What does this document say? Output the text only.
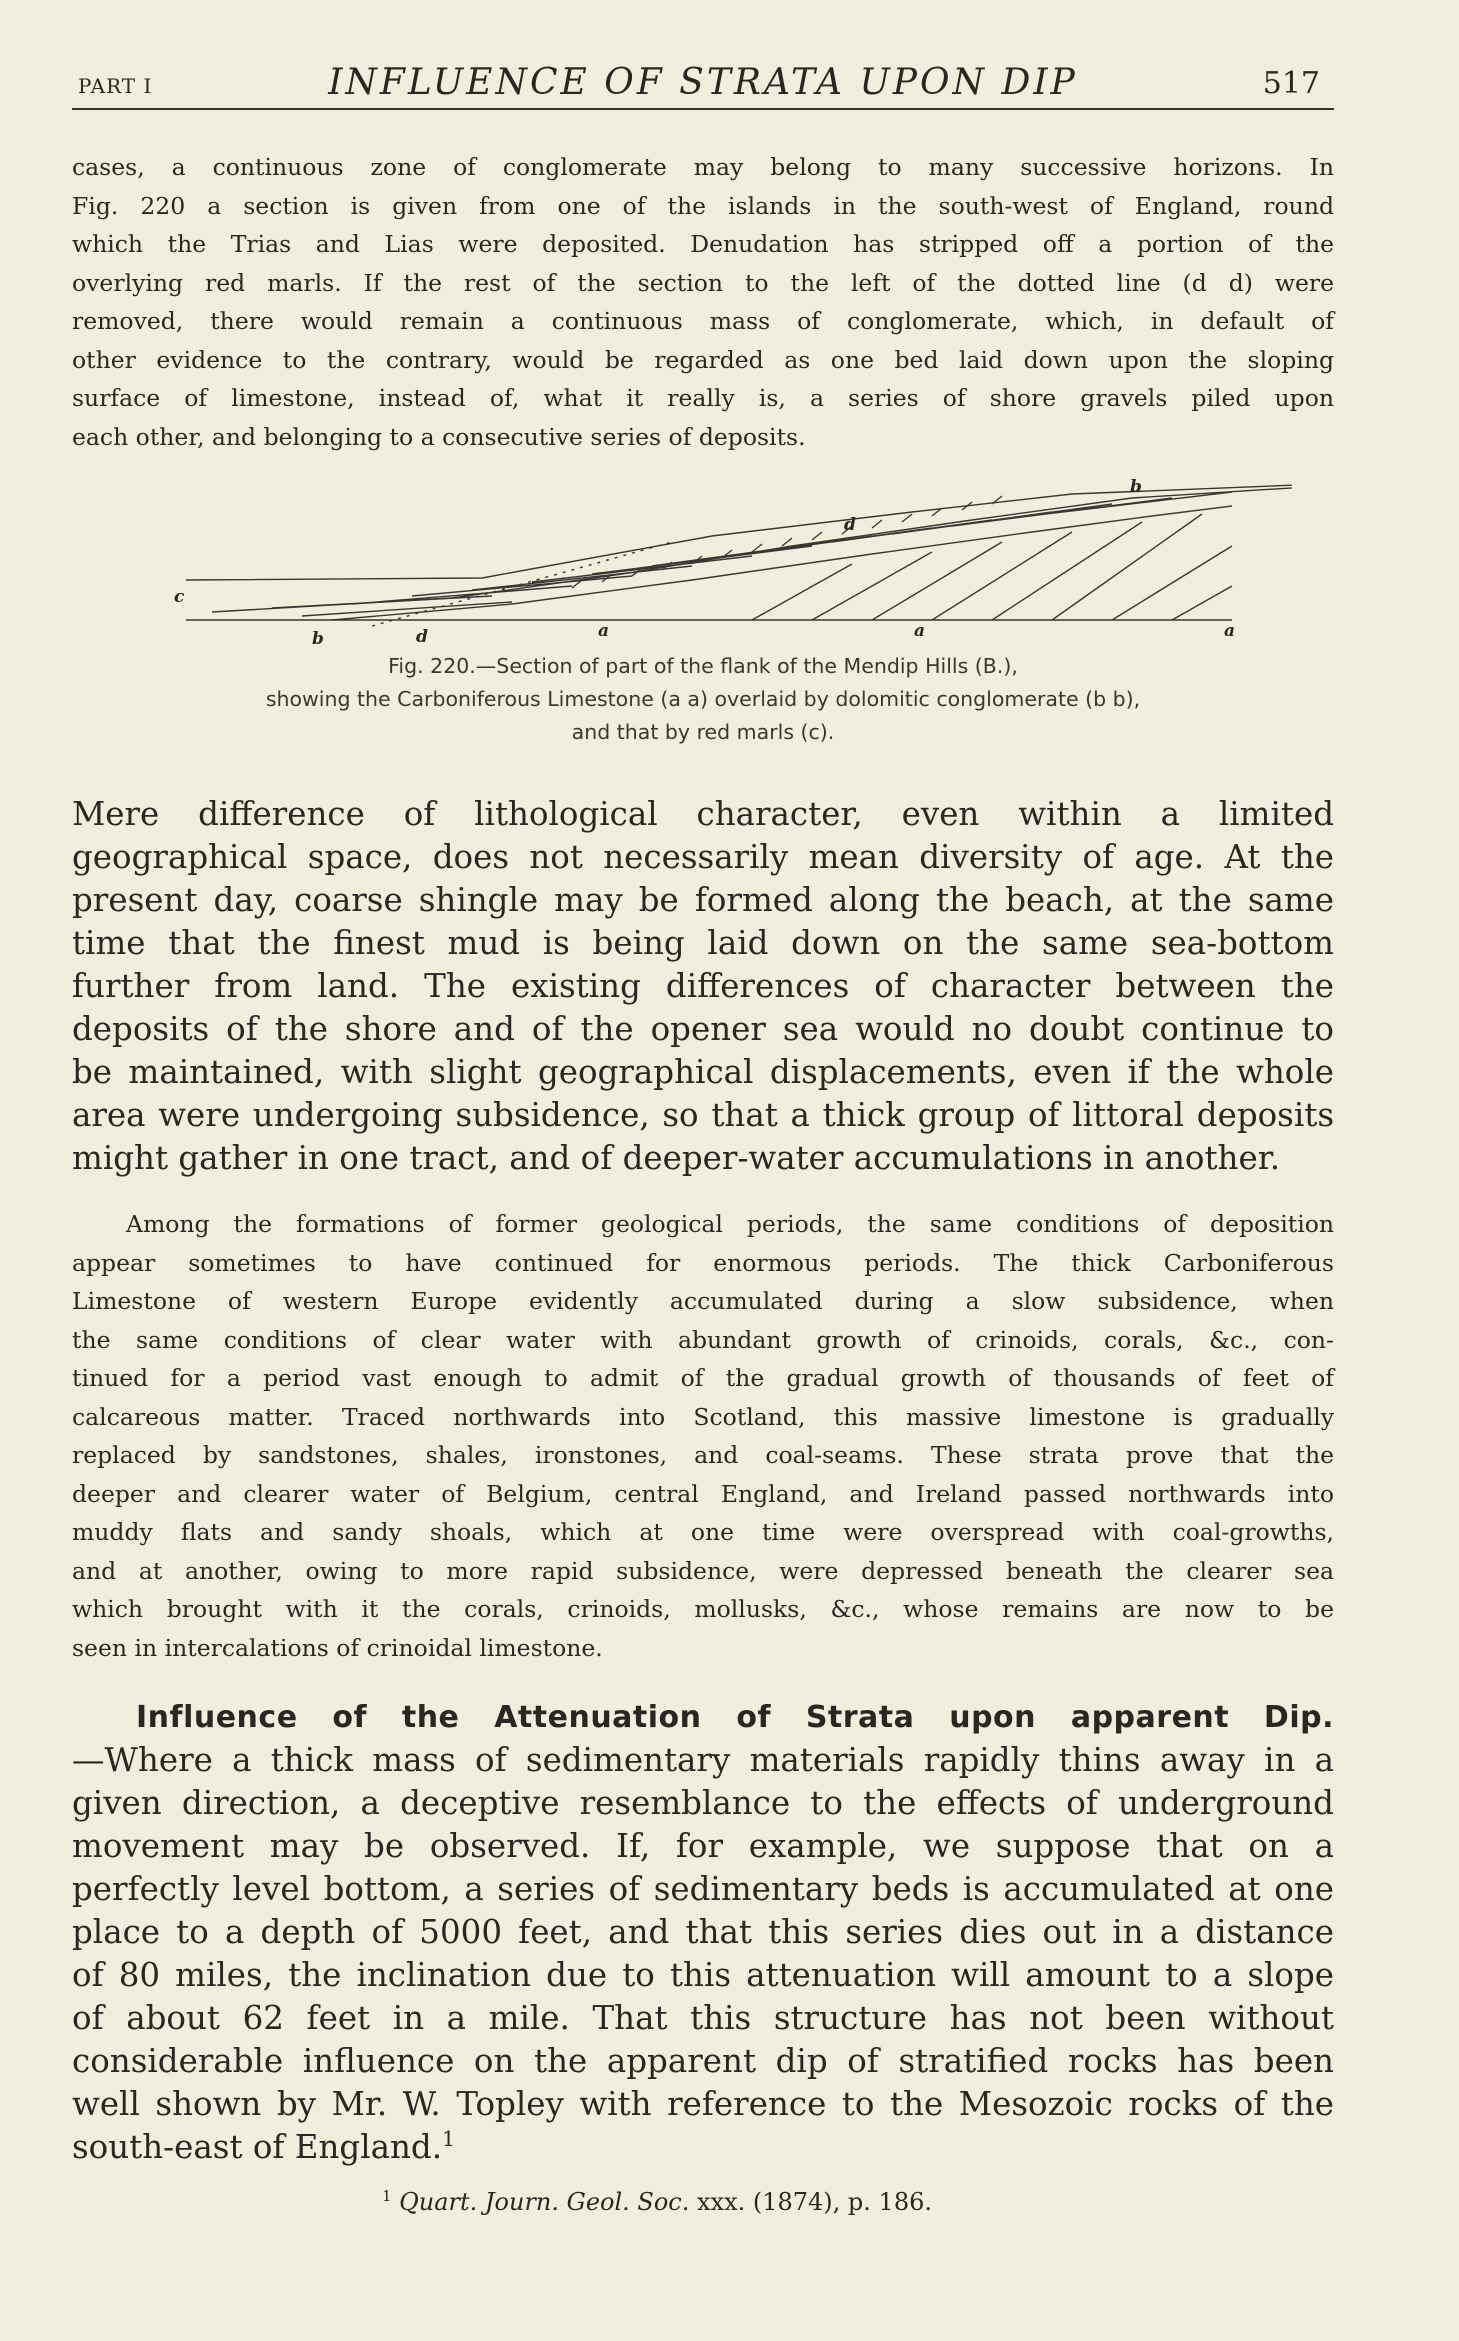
PART I	INFLUENCE OF STRATA UPON DIP	517
cases, a continuous zone of conglomerate may belong to many successive horizons. In
Fig. 220 a section is given from one of the islands in the south-west of England, round
which the Trias and Lias were deposited. Denudation has stripped off a portion of the
overlying red marls. If the rest of the section to the left of the dotted line (d d) were
removed, there would remain a continuous mass of conglomerate, which, in default of
other evidence to the contrary, would be regarded as one bed laid down upon the sloping
surface of limestone, instead of, what it really is, a series of shore gravels piled upon
each other, and belonging to a consecutive series of deposits.
b
d
c
b	d	a	a	a
Fig. 220.—Section of part of the flank of the Mendip Hills (B.),
showing the Carboniferous Limestone (a a) overlaid by dolomitic conglomerate (b b),
and that by red marls (c).
Mere difference of lithological character, even within a limited
geographical space, does not necessarily mean diversity of age. At the
present day, coarse shingle may be formed along the beach, at the same
time that the finest mud is being laid down on the same sea-bottom
further from land. The existing differences of character between the
deposits of the shore and of the opener sea would no doubt continue to
be maintained, with slight geographical displacements, even if the whole
area were undergoing subsidence, so that a thick group of littoral deposits
might gather in one tract, and of deeper-water accumulations in another.
Among the formations of former geological periods, the same conditions of deposition
appear sometimes to have continued for enormous periods. The thick Carboniferous
Limestone of western Europe evidently accumulated during a slow subsidence, when
the same conditions of clear water with abundant growth of crinoids, corals, &c., con-
tinued for a period vast enough to admit of the gradual growth of thousands of feet of
calcareous matter. Traced northwards into Scotland, this massive limestone is gradually
replaced by sandstones, shales, ironstones, and coal-seams. These strata prove that the
deeper and clearer water of Belgium, central England, and Ireland passed northwards into
muddy flats and sandy shoals, which at one time were overspread with coal-growths,
and at another, owing to more rapid subsidence, were depressed beneath the clearer sea
which brought with it the corals, crinoids, mollusks, &c., whose remains are now to be
seen in intercalations of crinoidal limestone.
Influence of the Attenuation of Strata upon apparent Dip.
—Where a thick mass of sedimentary materials rapidly thins away in a
given direction, a deceptive resemblance to the effects of underground
movement may be observed. If, for example, we suppose that on a
perfectly level bottom, a series of sedimentary beds is accumulated at one
place to a depth of 5000 feet, and that this series dies out in a distance
of 80 miles, the inclination due to this attenuation will amount to a slope
of about 62 feet in a mile. That this structure has not been without
considerable influence on the apparent dip of stratified rocks has been
well shown by Mr. W. Topley with reference to the Mesozoic rocks of the
south-east of England.$^1$
$^1$ Quart. Journ. Geol. Soc. xxx. (1874), p. 186.
